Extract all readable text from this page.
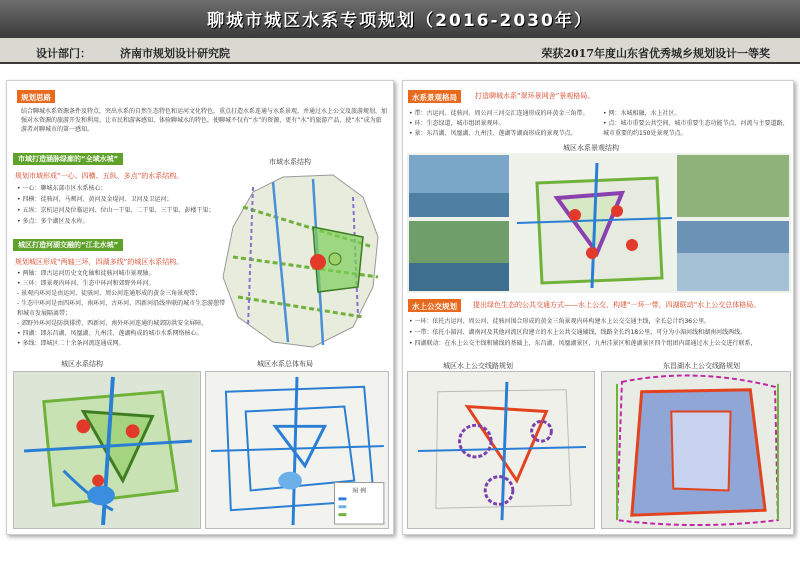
聊城市城区水系专项规划（2016-2030年）
设计部门：	济南市规划设计研究院	荣获2017年度山东省优秀城乡规划设计一等奖
规划思路
结合聊城水系资源条件及特点，突出水系的自然生态特色和运河文化特色，重点打造水系连通与水系景观，并通过水上公交及旅游规划，加强对水资源的旅游开发和利用，让市民和游客感知、体验聊城水的特色，使聊城不仅有“水”的资源，更有“水”的旅游产品，使“水”成为旅游者对聊城市的第一感知。
市域打造涵脉绿廊的“全域水城”
规划市域形成“一心、四横、五纵、多点”的水系结构。
• 一心：聊城东部市区水系核心；
• 四横：徒骇河、马颊河、黄河及金堤河、卫河及卫运河；
• 五纵：京杭运河及位临运河、位山一干渠、二干渠、三干渠、彭楼干渠；
• 多点：多个湖区及水库。
城区打造河湖交融的“江北水城”
规划城区形成“两轴三环，四湖多线”的城区水系结构。
• 两轴：即古运河历史文化轴和徒骇河城市景观轴。
• 三环：即景观内环河、生态中环河和郊野外环河。
- 景观内环河是由运河、徒骇河、周公河连通形成的黄金三角景观带；
- 生态中环河是由四环河、南环河、古环河、四新河沿线串联的城市生态游憩带
和城市发展隔离带；
- 郊野外环河是防洪排涝、西新河、南外环河连通的城郊防洪安全屏障。
• 四湖：即东昌湖、凤凰湖、九州洼、莲湖构成的城市水系网络核心。
• 多线：即城区二十余条河流连通成网。
市域水系结构
城区水系结构	城区水系总体布局
图 例
水系景观格局	打造聊城水系“翠环景网舍”景观格局。
• 带：古运河、徒骇河、周公河三河交汇连通形成的环黄金三角带。
• 环：生态绿道，城市组团景观环。
• 景：东昌湖、凤凰湖、九州洼、莲湖等湖面形成的景观节点。
• 网：水城相融，水上社区。
• 点：城市重要公共空间、城市重要生态功能节点、河流与主要道路、
城市重要的约150处景观节点。
城区水系景观结构
水上公交规划	提出绿色生态的公共交通方式——水上公交，构建“一环一带，四湖联动”水上公交总体格局。
• 一环：依托古运河、周公河、徒骇河围合形成的黄金三角景观内环构建水上公交交通主线，全长总计约36公里。
• 一带：依托小湄河、湖南河及其他河流区段建立的水上公共交通辅线，线路全长约18公里，可分为小湄河线和湖南河线两线。
• 四湖联动：在水上公交主线和辅线的基础上，东昌湖、凤凰湖景区、九州洼景区和莲湖景区四个组团内部通过水上公交进行联系，
城区水上公交线路规划	东昌湖水上公交线路规划
